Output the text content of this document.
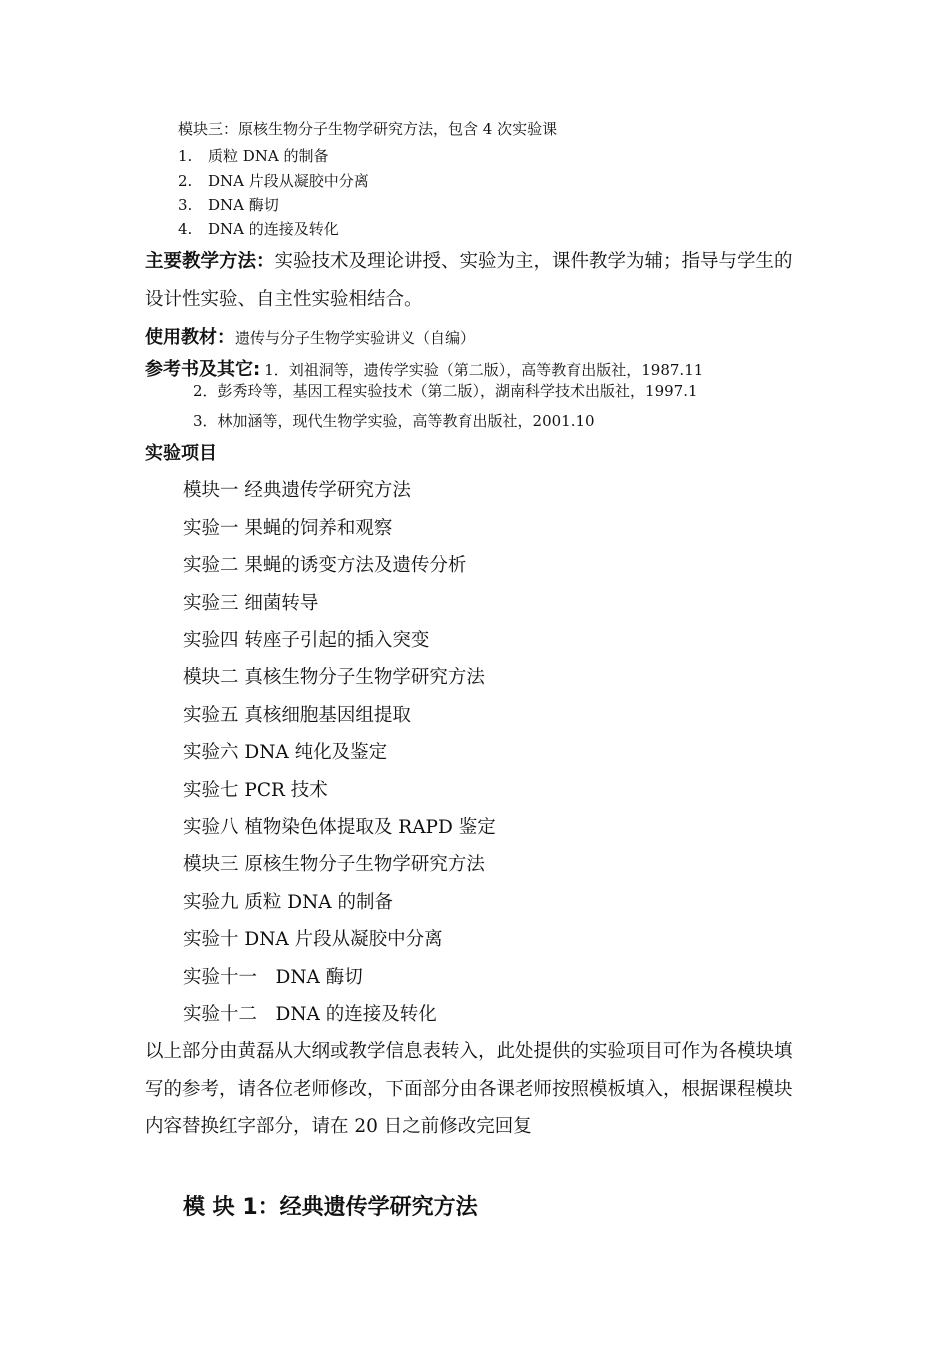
模块三：原核生物分子生物学研究方法，包含 4 次实验课
1. 质粒 DNA 的制备
2. DNA 片段从凝胶中分离
3. DNA 酶切
4. DNA 的连接及转化
主要教学方法：实验技术及理论讲授、实验为主，课件教学为辅；指导与学生的
设计性实验、自主性实验相结合。
使用教材：遗传与分子生物学实验讲义（自编）
参考书及其它: 1．刘祖洞等，遗传学实验（第二版），高等教育出版社，1987.11
2．彭秀玲等，基因工程实验技术（第二版），湖南科学技术出版社，1997.1
3．林加涵等，现代生物学实验，高等教育出版社，2001.10
实验项目
模块一 经典遗传学研究方法
实验一 果蝇的饲养和观察
实验二 果蝇的诱变方法及遗传分析
实验三 细菌转导
实验四 转座子引起的插入突变
模块二 真核生物分子生物学研究方法
实验五 真核细胞基因组提取
实验六 DNA 纯化及鉴定
实验七 PCR 技术
实验八 植物染色体提取及 RAPD 鉴定
模块三 原核生物分子生物学研究方法
实验九 质粒 DNA 的制备
实验十 DNA 片段从凝胶中分离
实验十一　DNA 酶切
实验十二　DNA 的连接及转化
以上部分由黄磊从大纲或教学信息表转入，此处提供的实验项目可作为各模块填
写的参考，请各位老师修改，下面部分由各课老师按照模板填入，根据课程模块
内容替换红字部分，请在 20 日之前修改完回复
模 块 1：经典遗传学研究方法
